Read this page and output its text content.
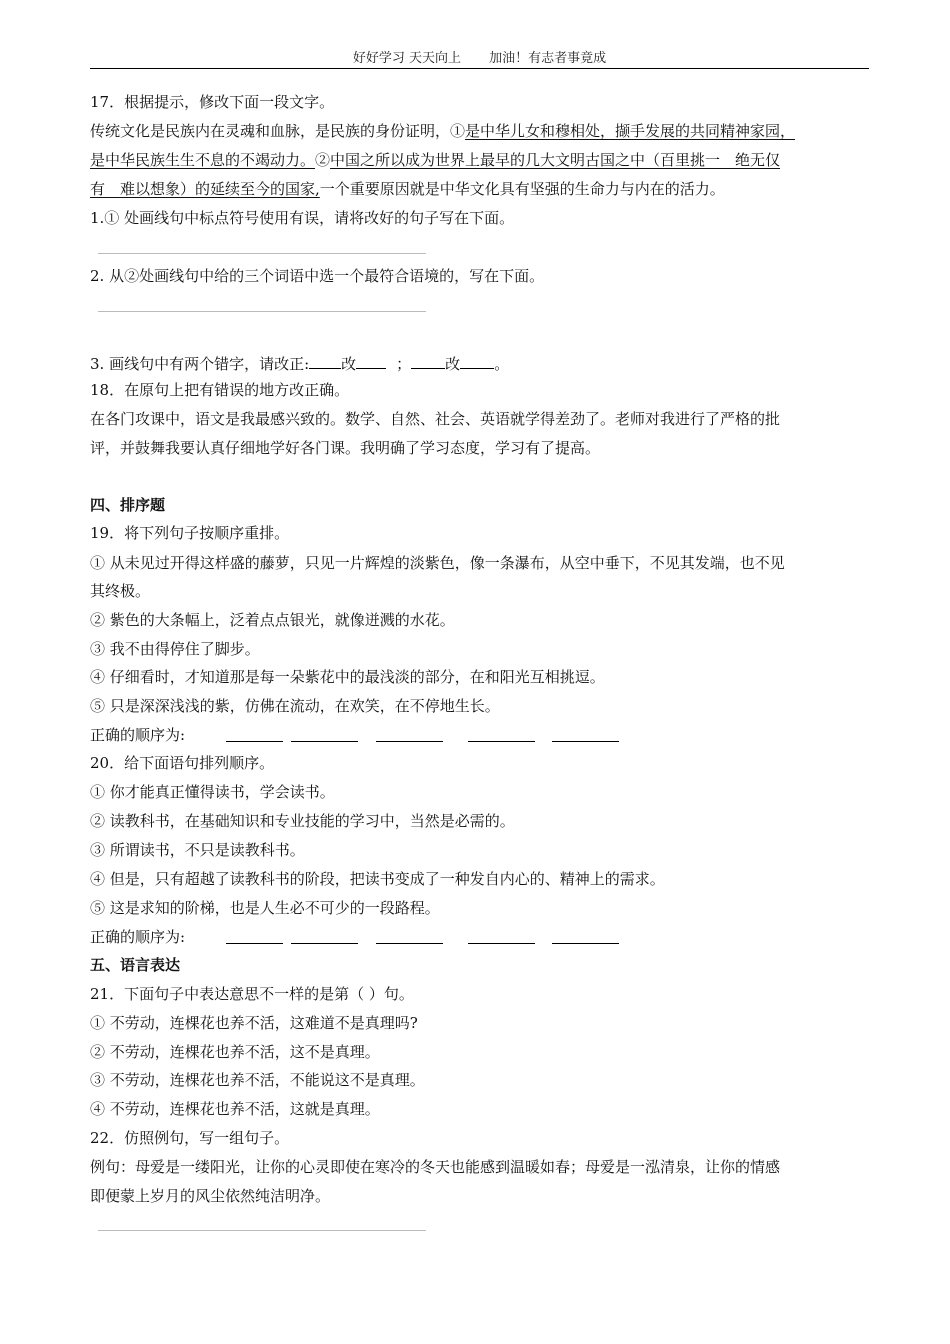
好好学习 天天向上 加油！有志者事竟成
17．根据提示，修改下面一段文字。
传统文化是民族内在灵魂和血脉，是民族的身份证明，①是中华儿女和穆相处，撷手发展的共同精神家园，
是中华民族生生不息的不竭动力。②中国之所以成为世界上最早的几大文明古国之中（百里挑一　绝无仅
有　难以想象）的延续至今的国家,一个重要原因就是中华文化具有坚强的生命力与内在的活力。
1.① 处画线句中标点符号使用有误，请将改好的句子写在下面。
2. 从②处画线句中给的三个词语中选一个最符合语境的，写在下面。
3. 画线句中有两个错字，请改正: 改	； 改 。
18．在原句上把有错误的地方改正确。
在各门攻课中，语文是我最感兴致的。数学、自然、社会、英语就学得差劲了。老师对我进行了严格的批
评，并鼓舞我要认真仔细地学好各门课。我明确了学习态度，学习有了提高。
四、排序题
19．将下列句子按顺序重排。
① 从未见过开得这样盛的藤萝，只见一片辉煌的淡紫色，像一条瀑布，从空中垂下，不见其发端，也不见
其终极。
② 紫色的大条幅上，泛着点点银光，就像迸溅的水花。
③ 我不由得停住了脚步。
④ 仔细看时，才知道那是每一朵紫花中的最浅淡的部分，在和阳光互相挑逗。
⑤ 只是深深浅浅的紫，仿佛在流动，在欢笑，在不停地生长。
正确的顺序为:
20．给下面语句排列顺序。
① 你才能真正懂得读书，学会读书。
② 读教科书，在基础知识和专业技能的学习中，当然是必需的。
③ 所谓读书，不只是读教科书。
④ 但是，只有超越了读教科书的阶段，把读书变成了一种发自内心的、精神上的需求。
⑤ 这是求知的阶梯，也是人生必不可少的一段路程。
正确的顺序为:
五、语言表达
21．下面句子中表达意思不一样的是第（ ）句。
① 不劳动，连棵花也养不活，这难道不是真理吗?
② 不劳动，连棵花也养不活，这不是真理。
③ 不劳动，连棵花也养不活，不能说这不是真理。
④ 不劳动，连棵花也养不活，这就是真理。
22．仿照例句，写一组句子。
例句：母爱是一缕阳光，让你的心灵即使在寒冷的冬天也能感到温暖如春；母爱是一泓清泉，让你的情感
即便蒙上岁月的风尘依然纯洁明净。
